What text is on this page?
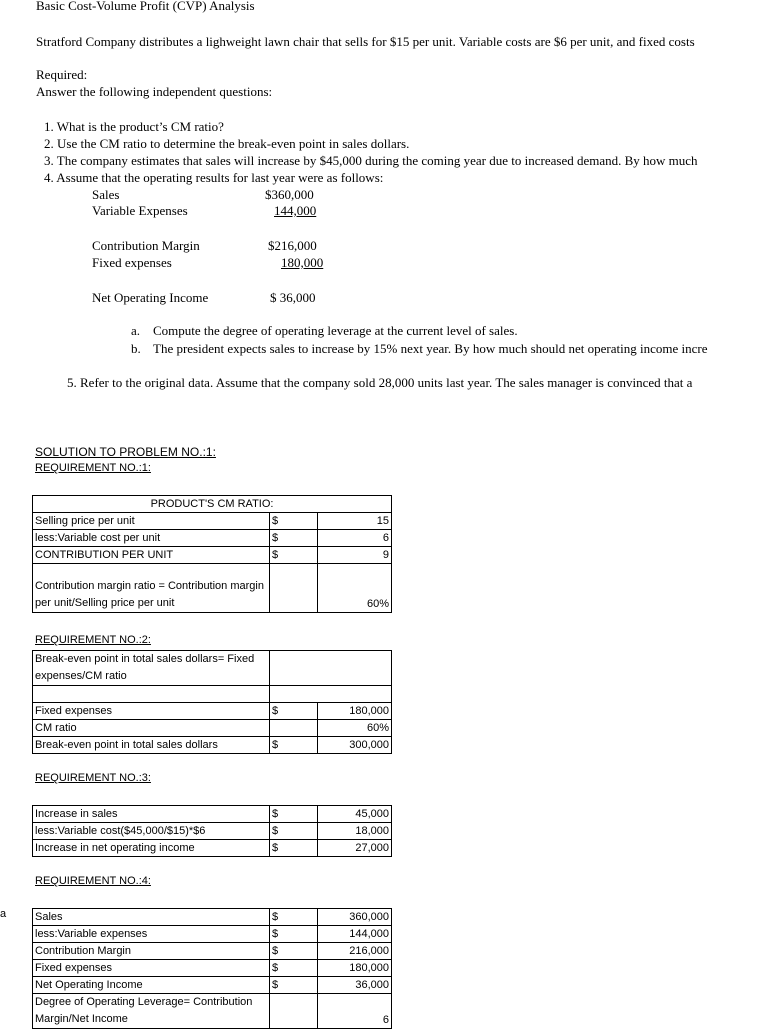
Basic Cost-Volume Profit (CVP) Analysis
Stratford Company distributes a lighweight lawn chair that sells for $15 per unit. Variable costs are $6 per unit, and fixed costs
Required:
Answer the following independent questions:
1. What is the product’s CM ratio?
2. Use the CM ratio to determine the break-even point in sales dollars.
3. The company estimates that sales will increase by $45,000 during the coming year due to increased demand. By how much
4. Assume that the operating results for last year were as follows:
Sales	$360,000
Variable Expenses	144,000
Contribution Margin	$216,000
Fixed expenses	180,000
Net Operating Income	$ 36,000
a. Compute the degree of operating leverage at the current level of sales.
b. The president expects sales to increase by 15% next year. By how much should net operating income incre
5. Refer to the original data. Assume that the company sold 28,000 units last year. The sales manager is convinced that a
SOLUTION TO PROBLEM NO.:1:
REQUIREMENT NO.:1:
PRODUCT'S CM RATIO:		
Selling price per unit	$	15
less:Variable cost per unit	$	6
CONTRIBUTION PER UNIT	$	9
Contribution margin ratio = Contribution margin per unit/Selling price per unit		60%
REQUIREMENT NO.:2:
Break-even point in total sales dollars= Fixed expenses/CM ratio		

Fixed expenses	$	180,000
CM ratio		60%
Break-even point in total sales dollars	$	300,000
REQUIREMENT NO.:3:
Increase in sales	$	45,000
less:Variable cost($45,000/$15)*$6	$	18,000
Increase in net operating income	$	27,000
REQUIREMENT NO.:4:
a	Sales	$	360,000
less:Variable expenses	$	144,000
Contribution Margin	$	216,000
Fixed expenses	$	180,000
Net Operating Income	$	36,000
Degree of Operating Leverage= Contribution Margin/Net Income		6
